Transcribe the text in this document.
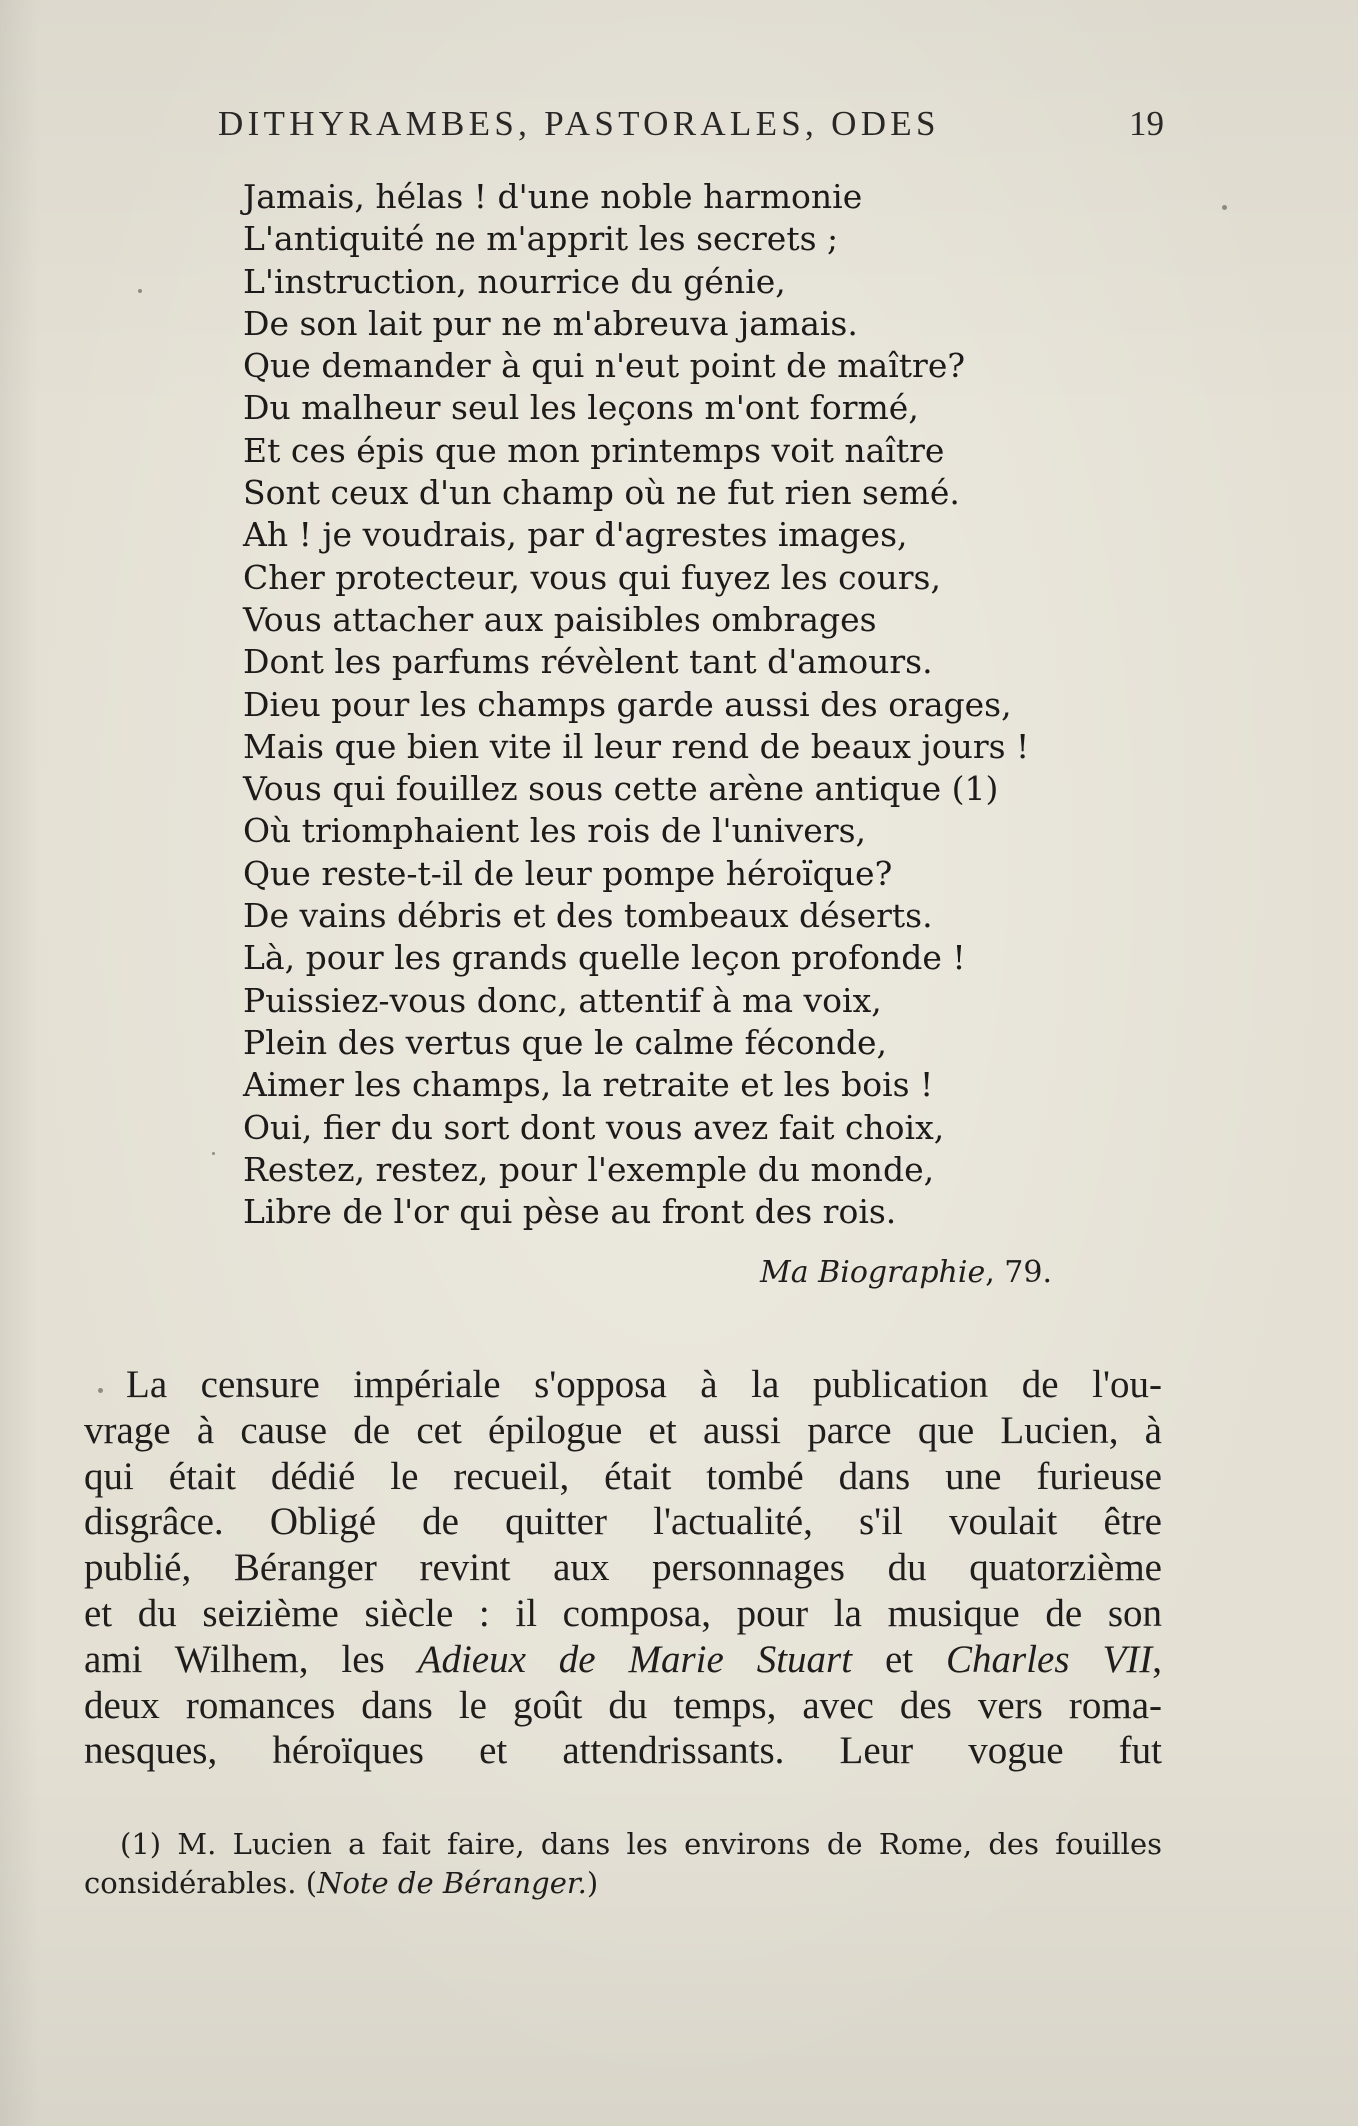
DITHYRAMBES, PASTORALES, ODES	19
Jamais, hélas ! d'une noble harmonie
L'antiquité ne m'apprit les secrets ;
L'instruction, nourrice du génie,
De son lait pur ne m'abreuva jamais.
Que demander à qui n'eut point de maître?
Du malheur seul les leçons m'ont formé,
Et ces épis que mon printemps voit naître
Sont ceux d'un champ où ne fut rien semé.
Ah ! je voudrais, par d'agrestes images,
Cher protecteur, vous qui fuyez les cours,
Vous attacher aux paisibles ombrages
Dont les parfums révèlent tant d'amours.
Dieu pour les champs garde aussi des orages,
Mais que bien vite il leur rend de beaux jours !
Vous qui fouillez sous cette arène antique (1)
Où triomphaient les rois de l'univers,
Que reste-t-il de leur pompe héroïque?
De vains débris et des tombeaux déserts.
Là, pour les grands quelle leçon profonde !
Puissiez-vous donc, attentif à ma voix,
Plein des vertus que le calme féconde,
Aimer les champs, la retraite et les bois !
Oui, fier du sort dont vous avez fait choix,
Restez, restez, pour l'exemple du monde,
Libre de l'or qui pèse au front des rois.
Ma Biographie, 79.
La censure impériale s'opposa à la publication de l'ou-
vrage à cause de cet épilogue et aussi parce que Lucien, à
qui était dédié le recueil, était tombé dans une furieuse
disgrâce. Obligé de quitter l'actualité, s'il voulait être
publié, Béranger revint aux personnages du quatorzième
et du seizième siècle : il composa, pour la musique de son
ami Wilhem, les Adieux de Marie Stuart et Charles VII,
deux romances dans le goût du temps, avec des vers roma-
nesques, héroïques et attendrissants. Leur vogue fut
(1) M. Lucien a fait faire, dans les environs de Rome, des fouilles
considérables. (Note de Béranger.)
